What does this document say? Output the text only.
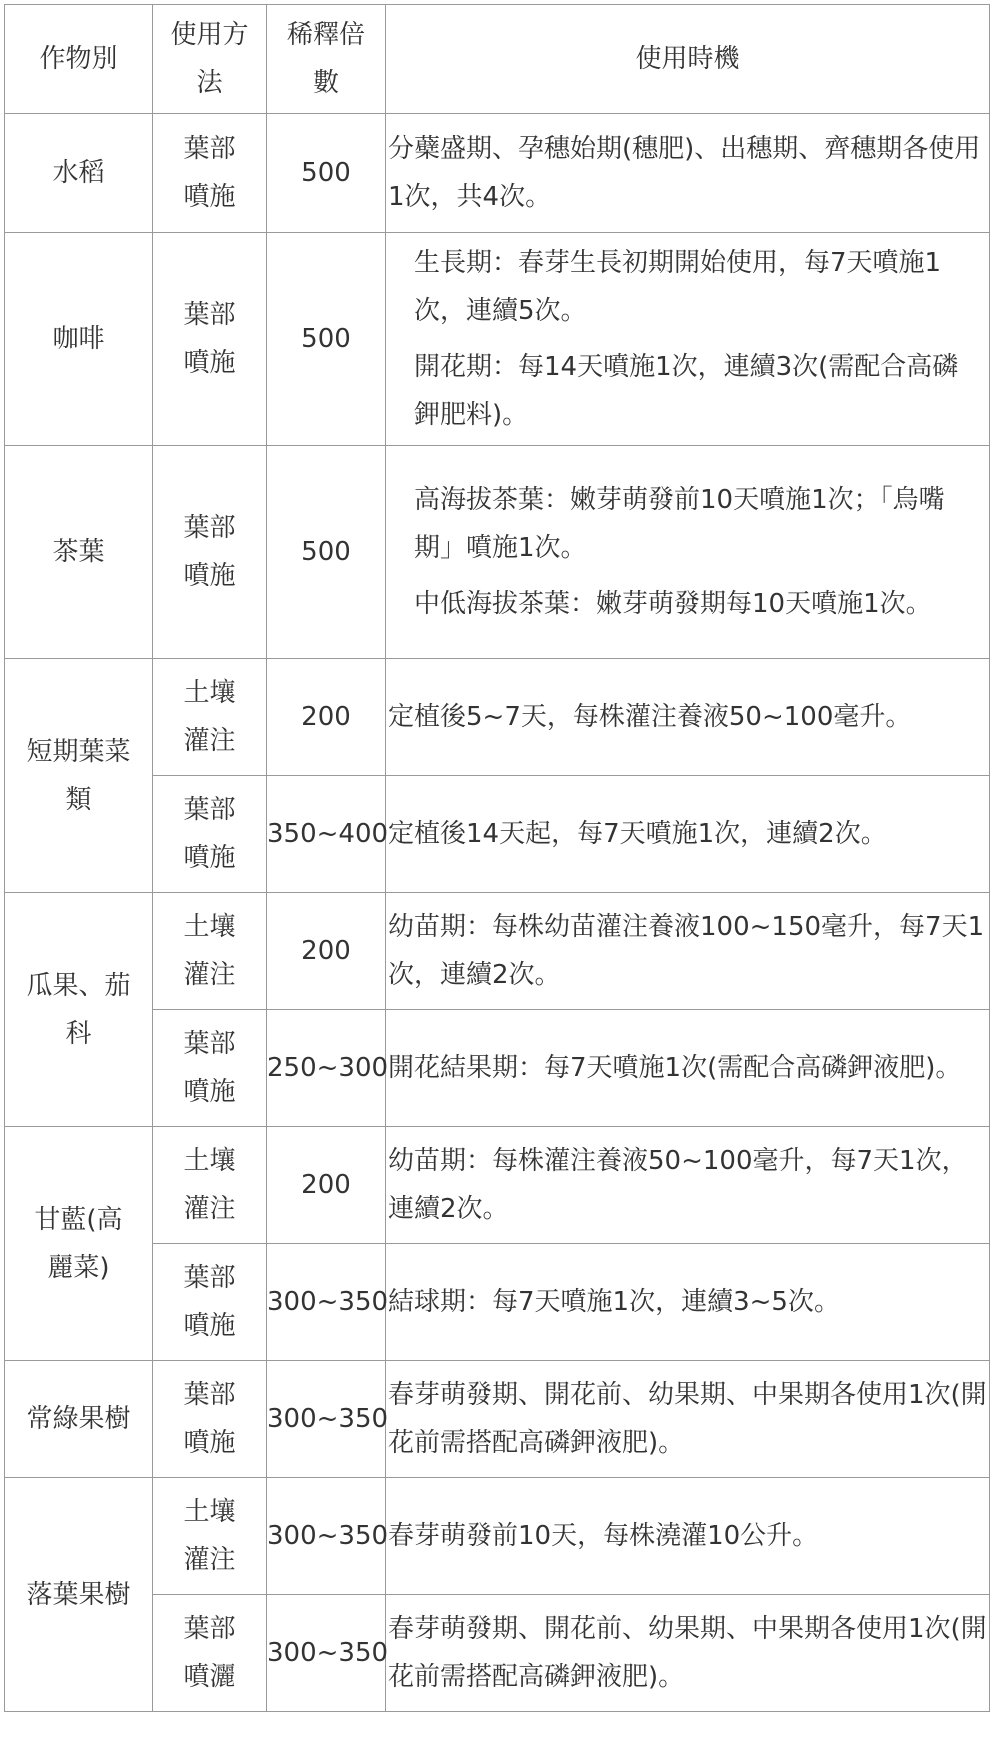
作物別	使用方法	稀釋倍數	使用時機
水稻	葉部噴施	500	分蘗盛期、孕穗始期(穗肥)、出穗期、齊穗期各使用1次，共4次。

咖啡	葉部噴施	500	生長期：春芽生長初期開始使用，每7天噴施1次，連續5次。
開花期：每14天噴施1次，連續3次(需配合高磷鉀肥料)。

茶葉	葉部噴施	500	高海拔茶葉：嫩芽萌發前10天噴施1次；「烏嘴期」噴施1次。
中低海拔茶葉：嫩芽萌發期每10天噴施1次。

短期葉菜類	土壤灌注	200	定植後5~7天，每株灌注養液50~100毫升。

	葉部噴施	350~400	定植後14天起，每7天噴施1次，連續2次。

瓜果、茄科	土壤灌注	200	幼苗期：每株幼苗灌注養液100~150毫升，每7天1次，連續2次。

	葉部噴施	250~300	開花結果期：每7天噴施1次(需配合高磷鉀液肥)。

甘藍(高麗菜)	土壤灌注	200	幼苗期：每株灌注養液50~100毫升，每7天1次，連續2次。

	葉部噴施	300~350	結球期：每7天噴施1次，連續3~5次。

常綠果樹	葉部噴施	300~350	春芽萌發期、開花前、幼果期、中果期各使用1次(開花前需搭配高磷鉀液肥)。

落葉果樹	土壤灌注	300~350	春芽萌發前10天，每株澆灌10公升。

	葉部噴灑	300~350	春芽萌發期、開花前、幼果期、中果期各使用1次(開花前需搭配高磷鉀液肥)。
